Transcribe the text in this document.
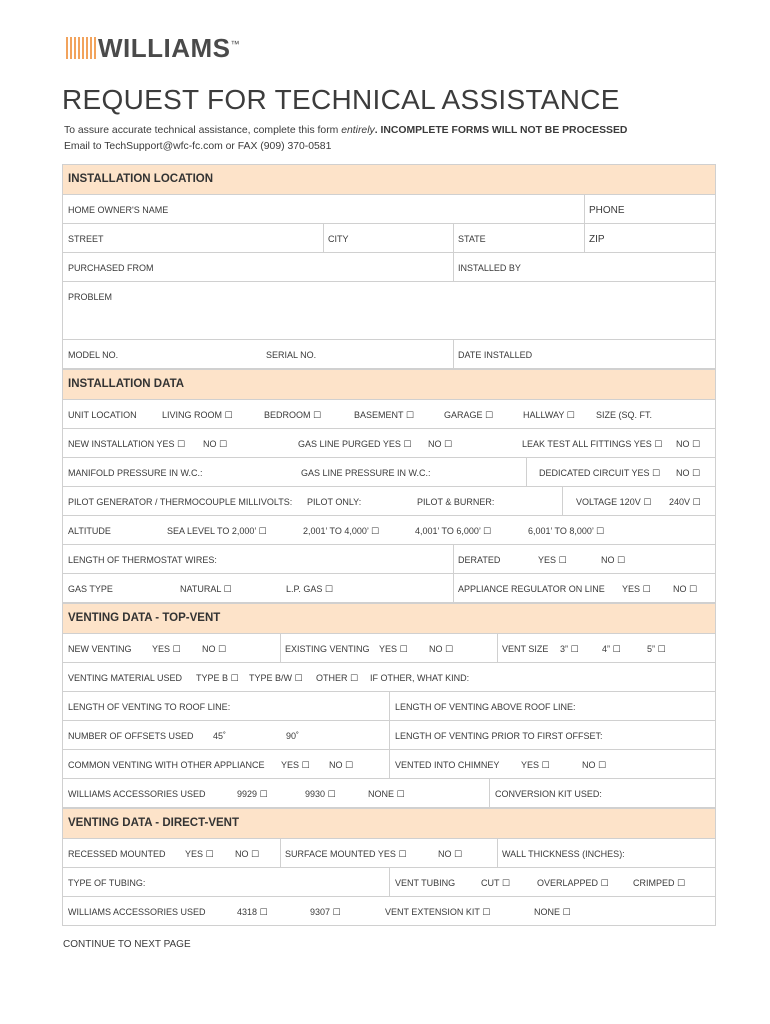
WILLIAMS ™
REQUEST FOR TECHNICAL ASSISTANCE
To assure accurate technical assistance, complete this form entirely. INCOMPLETE FORMS WILL NOT BE PROCESSED
Email to TechSupport@wfc-fc.com or FAX (909) 370-0581
INSTALLATION LOCATION
HOME OWNER'S NAME	PHONE
STREET	CITY	STATE	ZIP
PURCHASED FROM	INSTALLED BY
PROBLEM
MODEL NO.	SERIAL NO.	DATE INSTALLED
INSTALLATION DATA
UNIT LOCATION	LIVING ROOM ☐	BEDROOM ☐	BASEMENT ☐	GARAGE ☐	HALLWAY ☐ SIZE (SQ. FT.
NEW INSTALLATION YES ☐ NO ☐	GAS LINE PURGED YES ☐ NO ☐	LEAK TEST ALL FITTINGS YES ☐ NO ☐
MANIFOLD PRESSURE IN W.C.:	GAS LINE PRESSURE IN W.C.:	DEDICATED CIRCUIT YES ☐ NO ☐
PILOT GENERATOR / THERMOCOUPLE MILLIVOLTS: PILOT ONLY:	PILOT & BURNER:	VOLTAGE 120V ☐ 240V ☐
ALTITUDE	SEA LEVEL TO 2,000’ ☐	2,001’ TO 4,000’ ☐	4,001’ TO 6,000’ ☐	6,001’ TO 8,000’ ☐
LENGTH OF THERMOSTAT WIRES:	DERATED	YES ☐	NO ☐
GAS TYPE	NATURAL ☐	L.P. GAS ☐	APPLIANCE REGULATOR ON LINE YES ☐ NO ☐
VENTING DATA - TOP-VENT
NEW VENTING YES ☐ NO ☐	EXISTING VENTING YES ☐ NO ☐	VENT SIZE 3” ☐	4” ☐	5” ☐
VENTING MATERIAL USED TYPE B ☐ TYPE B/W ☐ OTHER ☐ IF OTHER, WHAT KIND:
LENGTH OF VENTING TO ROOF LINE:	LENGTH OF VENTING ABOVE ROOF LINE:
NUMBER OF OFFSETS USED 45˚	90˚	LENGTH OF VENTING PRIOR TO FIRST OFFSET:
COMMON VENTING WITH OTHER APPLIANCE YES ☐ NO ☐	VENTED INTO CHIMNEY YES ☐	NO ☐
WILLIAMS ACCESSORIES USED	9929 ☐	9930 ☐	NONE ☐	CONVERSION KIT USED:
VENTING DATA - DIRECT-VENT
RECESSED MOUNTED YES ☐ NO ☐	SURFACE MOUNTED YES ☐	NO ☐	WALL THICKNESS (INCHES):
TYPE OF TUBING:	VENT TUBING	CUT ☐	OVERLAPPED ☐	CRIMPED ☐
WILLIAMS ACCESSORIES USED	4318 ☐	9307 ☐	VENT EXTENSION KIT ☐	NONE ☐
CONTINUE TO NEXT PAGE
